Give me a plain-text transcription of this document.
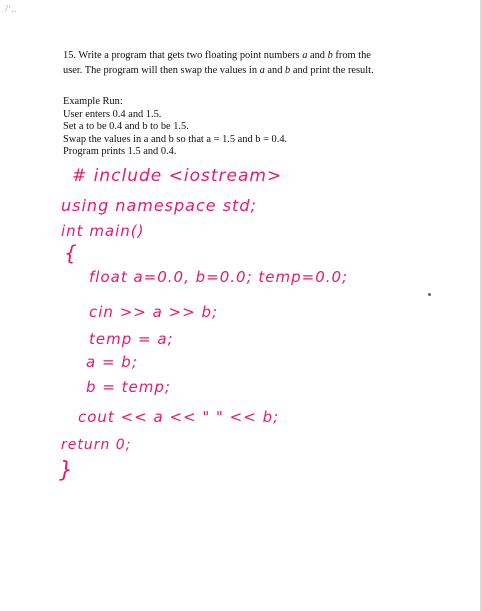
ﾉ'..

15. Write a program that gets two floating point numbers a and b from the

user. The program will then swap the values in a and b and print the result.

Example Run:
User enters 0.4 and 1.5.
Set a to be 0.4 and b to be 1.5.
Swap the values in a and b so that a = 1.5 and b = 0.4.
Program prints 1.5 and 0.4.
# include <iostream>
using namespace std;
int main()
{
float a=0.0, b=0.0; temp=0.0;
cin >> a >> b;
temp = a;
a = b;
b = temp;
cout << a << " " << b;
return 0;
}
